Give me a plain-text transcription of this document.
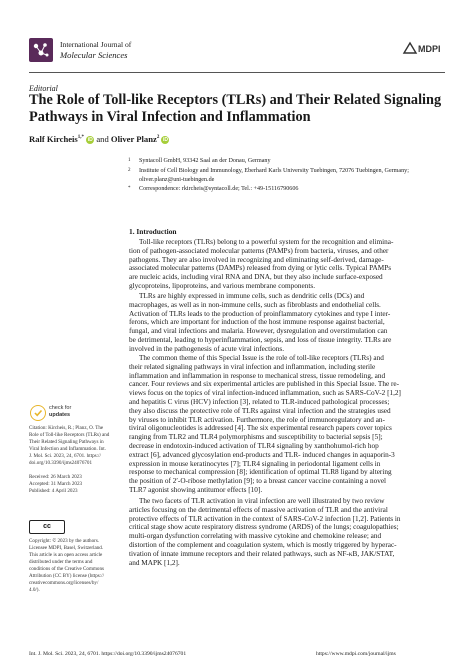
International Journal of
Molecular Sciences
MDPI
Editorial
The Role of Toll-like Receptors (TLRs) and Their Related Signaling Pathways in Viral Infection and Inflammation
Ralf Kircheis$^{1,*}$ iD and Oliver Planz$^2$ iD
1 Syntacoll GmbH, 93342 Saal an der Donau, Germany
2 Institute of Cell Biology and Immunology, Eberhard Karls University Tuebingen, 72076 Tuebingen, Germany;
oliver.planz@uni-tuebingen.de
* Correspondence: rkircheis@syntacoll.de; Tel.: +49-15116790606
1. Introduction
Toll-like receptors (TLRs) belong to a powerful system for the recognition and elimina-
tion of pathogen-associated molecular patterns (PAMPs) from bacteria, viruses, and other
pathogens. They are also involved in recognizing and eliminating self-derived, damage-
associated molecular patterns (DAMPs) released from dying or lytic cells. Typical PAMPs
are nucleic acids, including viral RNA and DNA, but they also include surface-exposed
glycoproteins, lipoproteins, and various membrane components.
TLRs are highly expressed in immune cells, such as dendritic cells (DCs) and
macrophages, as well as in non-immune cells, such as fibroblasts and endothelial cells.
Activation of TLRs leads to the production of proinflammatory cytokines and type I inter-
ferons, which are important for induction of the host immune response against bacterial,
fungal, and viral infections and malaria. However, dysregulation and overstimulation can
be detrimental, leading to hyperinflammation, sepsis, and loss of tissue integrity. TLRs are
involved in the pathogenesis of acute viral infections.
The common theme of this Special Issue is the role of toll-like receptors (TLRs) and
their related signaling pathways in viral infection and inflammation, including sterile
inflammation and inflammation in response to mechanical stress, tissue remodeling, and
cancer. Four reviews and six experimental articles are published in this Special Issue. The re-
views focus on the topics of viral infection-induced inflammation, such as SARS-CoV-2 [1,2]
and hepatitis C virus (HCV) infection [3], related to TLR-induced pathological processes;
they also discuss the protective role of TLRs against viral infection and the strategies used
by viruses to inhibit TLR activation. Furthermore, the role of immunoregulatory and an-
tiviral oligonucleotides is addressed [4]. The six experimental research papers cover topics
ranging from TLR2 and TLR4 polymorphisms and susceptibility to bacterial sepsis [5];
decrease in endotoxin-induced activation of TLR4 signaling by xanthohumol-rich hop
extract [6], advanced glycosylation end-products and TLR- induced changes in aquaporin-3
expression in mouse keratinocytes [7]; TLR4 signaling in periodontal ligament cells in
response to mechanical compression [8]; identification of optimal TLR8 ligand by altering
the position of 2′-O-ribose methylation [9]; to a breast cancer vaccine containing a novel
TLR7 agonist showing antitumor effects [10].
The two facets of TLR activation in viral infection are well illustrated by two review
articles focusing on the detrimental effects of massive activation of TLR and the antiviral
protective effects of TLR activation in the context of SARS-CoV-2 infection [1,2]. Patients in
critical stage show acute respiratory distress syndrome (ARDS) of the lungs; coagulopathies;
multi-organ dysfunction correlating with massive cytokine and chemokine release; and
distortion of the complement and coagulation system, which is mostly triggered by hyperac-
tivation of innate immune receptors and their related pathways, such as NF-κB, JAK/STAT,
and MAPK [1,2].
check for
updates
Citation: Kircheis, R.; Planz, O. The
Role of Toll-like Receptors (TLRs) and
Their Related Signaling Pathways in
Viral Infection and Inflammation. Int.
J. Mol. Sci. 2023, 24, 6701. https://
doi.org/10.3390/ijms24076701
Received: 26 March 2023
Accepted: 31 March 2023
Published: 4 April 2023
cc
Copyright: © 2023 by the authors.
Licensee MDPI, Basel, Switzerland.
This article is an open access article
distributed under the terms and
conditions of the Creative Commons
Attribution (CC BY) license (https://
creativecommons.org/licenses/by/
4.0/).
Int. J. Mol. Sci. 2023, 24, 6701. https://doi.org/10.3390/ijms24076701	https://www.mdpi.com/journal/ijms
